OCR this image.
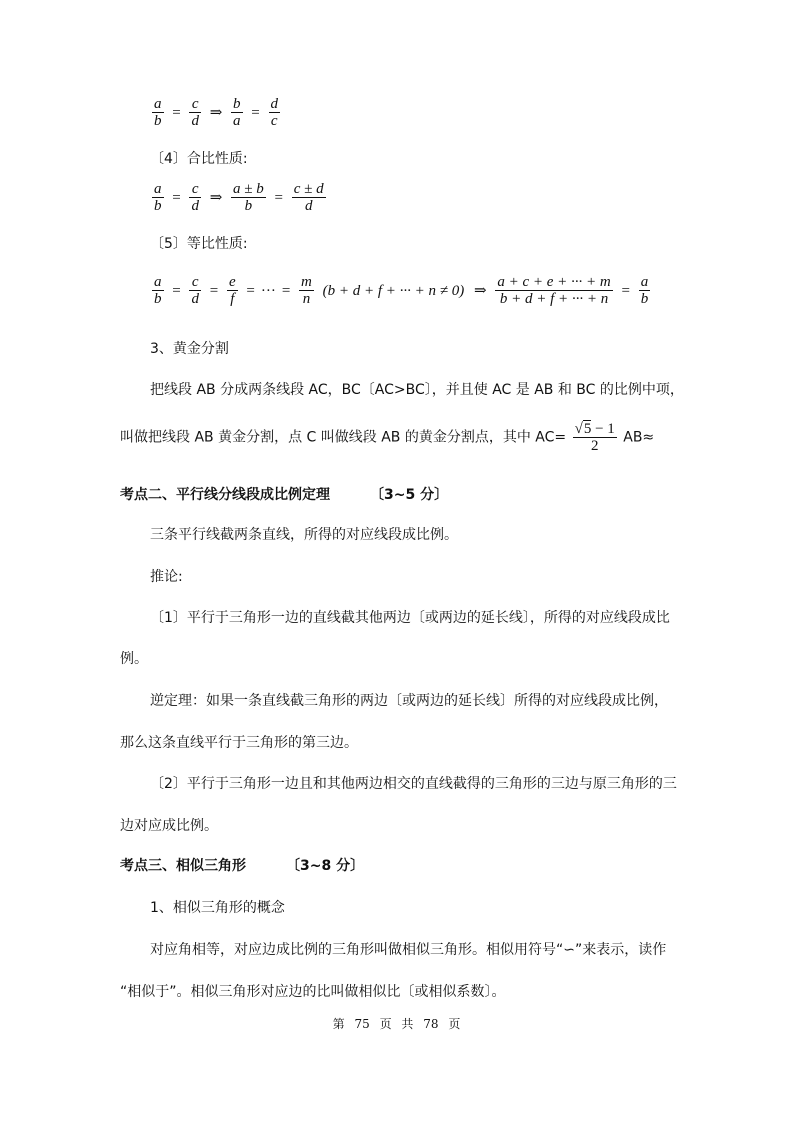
$\frac{a}{b} = \frac{c}{d}$ ⇒ $\frac{b}{a} = \frac{d}{c}$
〔4〕合比性质:
$\frac{a}{b} = \frac{c}{d}$ ⇒ $\frac{a \pm b}{b} = \frac{c \pm d}{d}$
〔5〕等比性质:
$\frac{a}{b} = \frac{c}{d} = \frac{e}{f}$ = ··· = $\frac{m}{n} (b + d + f$ + ··· + n ≠ 0) ⇒ $\frac{a + c + e + \cdot\cdot\cdot + m}{b + d + f + \cdot\cdot\cdot + n} = \frac{a}{b}$
3、黄金分割
把线段 AB 分成两条线段 AC，BC〔AC>BC〕，并且使 AC 是 AB 和 BC 的比例中项，
叫做把线段 AB 黄金分割，点 C 叫做线段 AB 的黄金分割点，其中 $AC= \frac{√5 - 1}{2} AB\approx$
考点二、平行线分线段成比例定理	〔3~5 分〕
三条平行线截两条直线，所得的对应线段成比例。
推论:
〔1〕平行于三角形一边的直线截其他两边〔或两边的延长线〕，所得的对应线段成比
例。
逆定理：如果一条直线截三角形的两边〔或两边的延长线〕所得的对应线段成比例，
那么这条直线平行于三角形的第三边。
〔2〕平行于三角形一边且和其他两边相交的直线截得的三角形的三边与原三角形的三
边对应成比例。
考点三、相似三角形	〔3~8 分〕
1、相似三角形的概念
对应角相等，对应边成比例的三角形叫做相似三角形。相似用符号“∽”来表示，读作
“相似于”。相似三角形对应边的比叫做相似比〔或相似系数〕。
第 75 页 共 78 页
